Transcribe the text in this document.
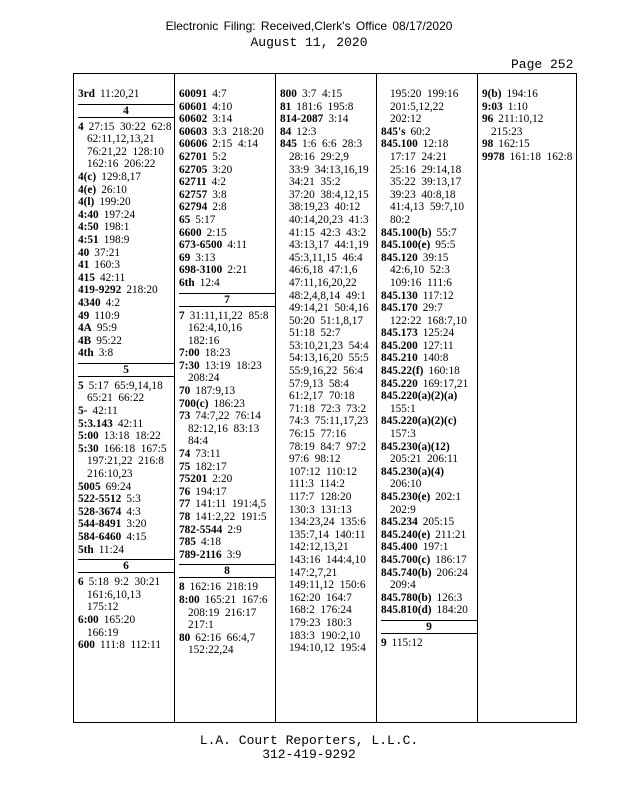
Electronic Filing: Received,Clerk's Office 08/17/2020
August 11, 2020
Page 252
3rd 11:20,21
4
4 27:15  30:22  62:8
62:11,12,13,21
76:21,22  128:10
162:16  206:22
4(c) 129:8,17
4(e) 26:10
4(l) 199:20
4:40 197:24
4:50 198:1
4:51 198:9
40 37:21
41 160:3
415 42:11
419-9292 218:20
4340 4:2
49 110:9
4A 95:9
4B 95:22
4th 3:8
5
5 5:17  65:9,14,18
65:21  66:22
5- 42:11
5:3.143 42:11
5:00 13:18  18:22
5:30 166:18  167:5
197:21,22  216:8
216:10,23
5005 69:24
522-5512 5:3
528-3674 4:3
544-8491 3:20
584-6460 4:15
5th 11:24
6
6 5:18  9:2  30:21
161:6,10,13
175:12
6:00 165:20
166:19
600 111:8  112:11
60091 4:7
60601 4:10
60602 3:14
60603 3:3  218:20
60606 2:15  4:14
62701 5:2
62705 3:20
62711 4:2
62757 3:8
62794 2:8
65 5:17
6600 2:15
673-6500 4:11
69 3:13
698-3100 2:21
6th 12:4
7
7 31:11,11,22  85:8
162:4,10,16
182:16
7:00 18:23
7:30 13:19  18:23
208:24
70 187:9,13
700(c) 186:23
73 74:7,22  76:14
82:12,16  83:13
84:4
74 73:11
75 182:17
75201 2:20
76 194:17
77 141:11  191:4,5
78 141:2,22  191:5
782-5544 2:9
785 4:18
789-2116 3:9
8
8 162:16  218:19
8:00 165:21  167:6
208:19  216:17
217:1
80 62:16  66:4,7
152:22,24
800 3:7  4:15
81 181:6  195:8
814-2087 3:14
84 12:3
845 1:6  6:6  28:3
28:16  29:2,9
33:9  34:13,16,19
34:21  35:2
37:20  38:4,12,15
38:19,23  40:12
40:14,20,23  41:3
41:15  42:3  43:2
43:13,17  44:1,19
45:3,11,15  46:4
46:6,18  47:1,6
47:11,16,20,22
48:2,4,8,14  49:1
49:14,21  50:4,16
50:20  51:1,8,17
51:18  52:7
53:10,21,23  54:4
54:13,16,20  55:5
55:9,16,22  56:4
57:9,13  58:4
61:2,17  70:18
71:18  72:3  73:2
74:3  75:11,17,23
76:15  77:16
78:19  84:7  97:2
97:6  98:12
107:12  110:12
111:3  114:2
117:7  128:20
130:3  131:13
134:23,24  135:6
135:7,14  140:11
142:12,13,21
143:16  144:4,10
147:2,7,21
149:11,12  150:6
162:20  164:7
168:2  176:24
179:23  180:3
183:3  190:2,10
194:10,12  195:4
195:20  199:16
201:5,12,22
202:12
845's 60:2
845.100 12:18
17:17  24:21
25:16  29:14,18
35:22  39:13,17
39:23  40:8,18
41:4,13  59:7,10
80:2
845.100(b) 55:7
845.100(e) 95:5
845.120 39:15
42:6,10  52:3
109:16  111:6
845.130 117:12
845.170 29:7
122:22  168:7,10
845.173 125:24
845.200 127:11
845.210 140:8
845.22(f) 160:18
845.220 169:17,21
845.220(a)(2)(a)
155:1
845.220(a)(2)(c)
157:3
845.230(a)(12)
205:21  206:11
845.230(a)(4)
206:10
845.230(e) 202:1
202:9
845.234 205:15
845.240(e) 211:21
845.400 197:1
845.700(c) 186:17
845.740(b) 206:24
209:4
845.780(b) 126:3
845.810(d) 184:20
9
9 115:12
9(b) 194:16
9:03 1:10
96 211:10,12
215:23
98 162:15
9978 161:18  162:8
L.A. Court Reporters, L.L.C.
312-419-9292
